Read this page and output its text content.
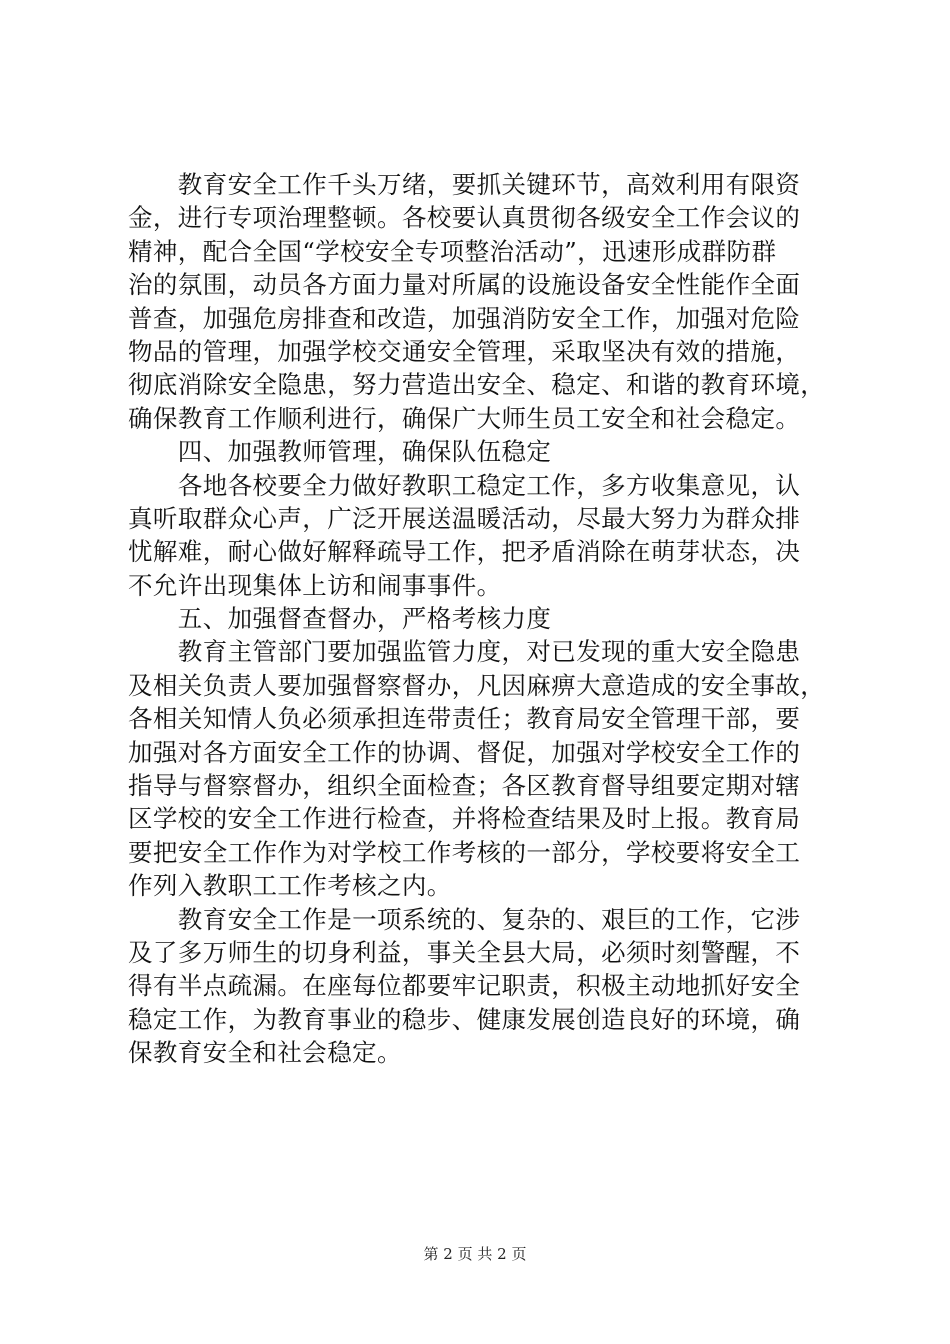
　　教育安全工作千头万绪，要抓关键环节，高效利用有限资
金，进行专项治理整顿。各校要认真贯彻各级安全工作会议的
精神，配合全国“学校安全专项整治活动”，迅速形成群防群
治的氛围，动员各方面力量对所属的设施设备安全性能作全面
普查，加强危房排查和改造，加强消防安全工作，加强对危险
物品的管理，加强学校交通安全管理，采取坚决有效的措施，
彻底消除安全隐患，努力营造出安全、稳定、和谐的教育环境，
确保教育工作顺利进行，确保广大师生员工安全和社会稳定。
　　四、加强教师管理，确保队伍稳定
　　各地各校要全力做好教职工稳定工作，多方收集意见，认
真听取群众心声，广泛开展送温暖活动，尽最大努力为群众排
忧解难，耐心做好解释疏导工作，把矛盾消除在萌芽状态，决
不允许出现集体上访和闹事事件。
　　五、加强督查督办，严格考核力度
　　教育主管部门要加强监管力度，对已发现的重大安全隐患
及相关负责人要加强督察督办，凡因麻痹大意造成的安全事故，
各相关知情人负必须承担连带责任；教育局安全管理干部，要
加强对各方面安全工作的协调、督促，加强对学校安全工作的
指导与督察督办，组织全面检查；各区教育督导组要定期对辖
区学校的安全工作进行检查，并将检查结果及时上报。教育局
要把安全工作作为对学校工作考核的一部分，学校要将安全工
作列入教职工工作考核之内。
　　教育安全工作是一项系统的、复杂的、艰巨的工作，它涉
及了多万师生的切身利益，事关全县大局，必须时刻警醒，不
得有半点疏漏。在座每位都要牢记职责，积极主动地抓好安全
稳定工作，为教育事业的稳步、健康发展创造良好的环境，确
保教育安全和社会稳定。
第 2 页 共 2 页
